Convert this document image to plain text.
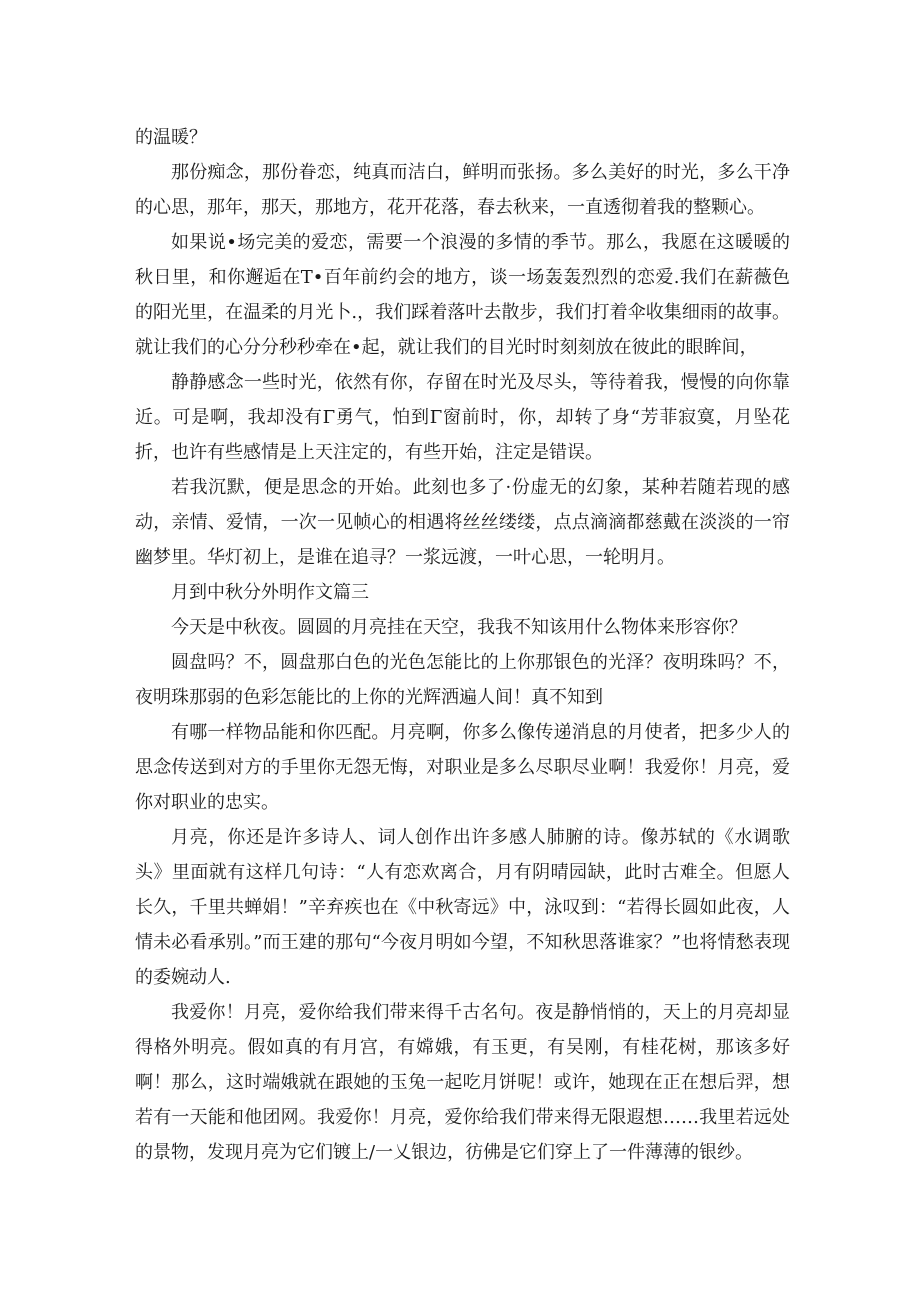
的温暖？

那份痴念，那份眷恋，纯真而洁白，鲜明而张扬。多么美好的时光，多么干净的心思，那年，那天，那地方，花开花落，春去秋来，一直透彻着我的整颗心。

如果说•场完美的爱恋，需要一个浪漫的多情的季节。那么，我愿在这暖暖的秋日里，和你邂逅在T•百年前约会的地方，谈一场轰轰烈烈的恋爱.我们在薪薇色的阳光里，在温柔的月光卜.，我们踩着落叶去散步，我们打着伞收集细雨的故事。就让我们的心分分秒秒牵在•起，就让我们的目光时时刻刻放在彼此的眼眸间，

静静感念一些时光，依然有你，存留在时光及尽头，等待着我，慢慢的向你靠近。可是啊，我却没有Γ勇气，怕到Γ窗前时，你，却转了身“芳菲寂寞，月坠花折，也许有些感情是上天注定的，有些开始，注定是错误。

若我沉默，便是思念的开始。此刻也多了·份虚无的幻象，某种若随若现的感动，亲情、爱情，一次一见帧心的相遇将丝丝缕缕，点点滴滴都慈戴在淡淡的一帘幽梦里。华灯初上，是谁在追寻？一浆远渡，一叶心思，一轮明月。

月到中秋分外明作文篇三

今天是中秋夜。圆圆的月亮挂在天空，我我不知该用什么物体来形容你？

圆盘吗？不，圆盘那白色的光色怎能比的上你那银色的光泽？夜明珠吗？不，夜明珠那弱的色彩怎能比的上你的光辉洒遍人间！真不知到

有哪一样物品能和你匹配。月亮啊，你多么像传递消息的月使者，把多少人的思念传送到对方的手里你无怨无悔，对职业是多么尽职尽业啊！我爱你！月亮，爱你对职业的忠实。

月亮，你还是许多诗人、词人创作出许多感人肺腑的诗。像苏轼的《水调歌头》里面就有这样几句诗：“人有恋欢离合，月有阴晴园缺，此时古难全。但愿人长久，千里共蝉娟！”辛弃疾也在《中秋寄远》中，泳叹到：“若得长圆如此夜，人情未必看承别。”而王建的那句“今夜月明如今望，不知秋思落谁家？”也将情愁表现的委婉动人.

我爱你！月亮，爱你给我们带来得千古名句。夜是静悄悄的，天上的月亮却显得格外明亮。假如真的有月宫，有嫦娥，有玉更，有吴刚，有桂花树，那该多好啊！那么，这时端娥就在跟她的玉兔一起吃月饼呢！或许，她现在正在想后羿，想若有一天能和他团网。我爱你！月亮，爱你给我们带来得无限遐想……我里若远处的景物，发现月亮为它们镀上/一乂银边，彷佛是它们穿上了一件薄薄的银纱。
